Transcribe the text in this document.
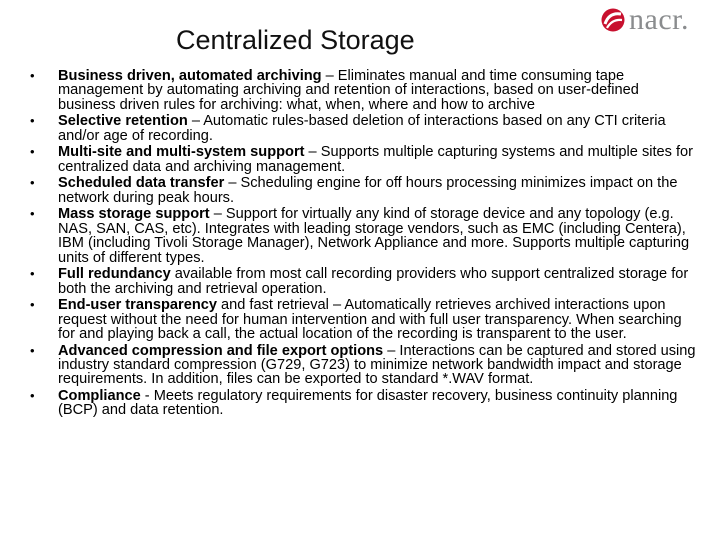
Centralized Storage
nacr.
• Business driven, automated archiving – Eliminates manual and time consuming tape management by automating archiving and retention of interactions, based on user-defined business driven rules for archiving: what, when, where and how to archive
• Selective retention – Automatic rules-based deletion of interactions based on any CTI criteria and/or age of recording.
• Multi-site and multi-system support – Supports multiple capturing systems and multiple sites for centralized data and archiving management.
• Scheduled data transfer – Scheduling engine for off hours processing minimizes impact on the network during peak hours.
• Mass storage support – Support for virtually any kind of storage device and any topology (e.g. NAS, SAN, CAS, etc). Integrates with leading storage vendors, such as EMC (including Centera), IBM (including Tivoli Storage Manager), Network Appliance and more. Supports multiple capturing units of different types.
• Full redundancy available from most call recording providers who support centralized storage for both the archiving and retrieval operation.
• End-user transparency and fast retrieval – Automatically retrieves archived interactions upon request without the need for human intervention and with full user transparency. When searching for and playing back a call, the actual location of the recording is transparent to the user.
• Advanced compression and file export options – Interactions can be captured and stored using industry standard compression (G729, G723) to minimize network bandwidth impact and storage requirements. In addition, files can be exported to standard *.WAV format.
• Compliance - Meets regulatory requirements for disaster recovery, business continuity planning (BCP) and data retention.
